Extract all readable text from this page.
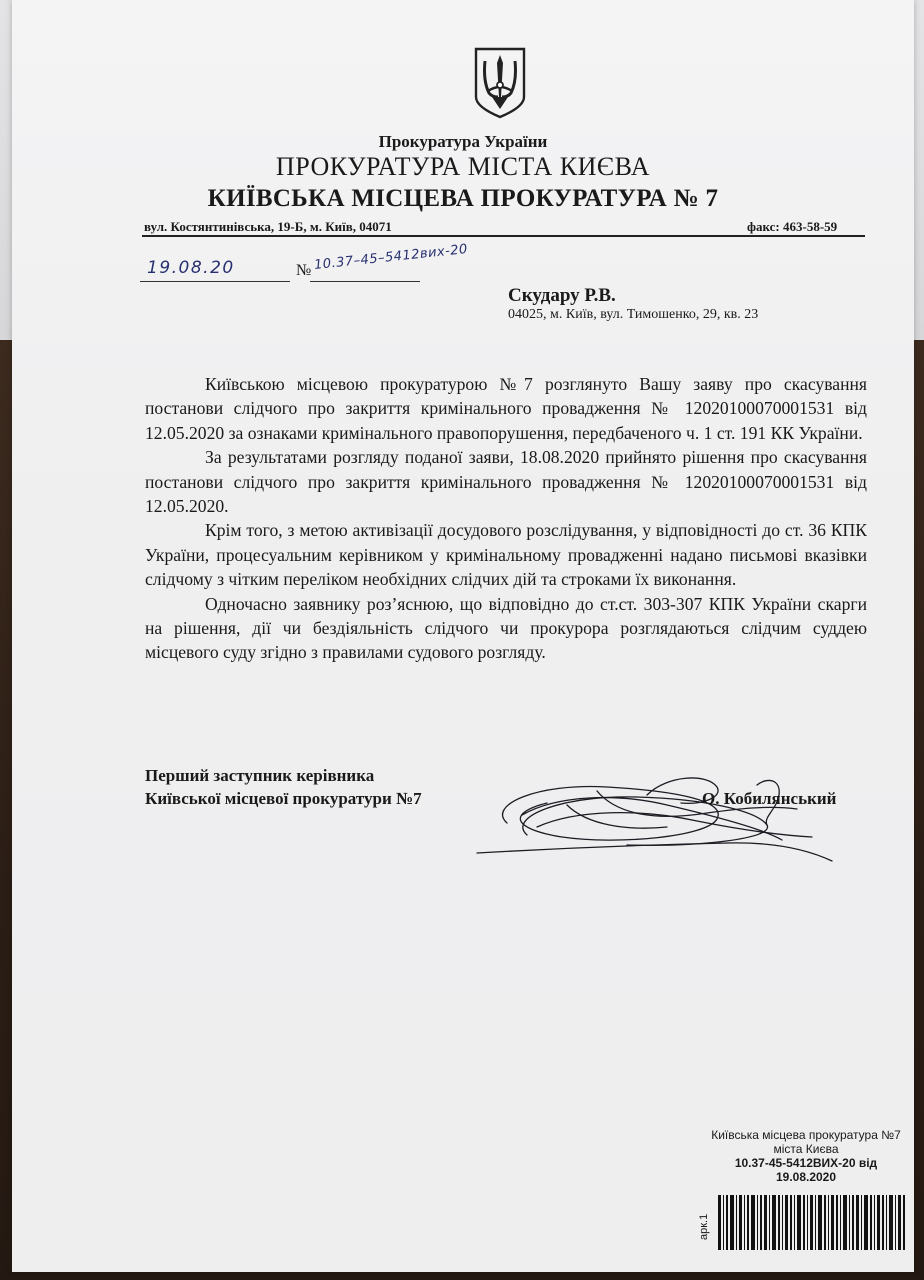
Прокуратура України
ПРОКУРАТУРА МІСТА КИЄВА
КИЇВСЬКА МІСЦЕВА ПРОКУРАТУРА № 7
вул. Костянтинівська, 19-Б, м. Київ, 04071	факс: 463-58-59
19.08.20	№ 10.37–45–5412вих-20
Скудару Р.В.
04025, м. Київ, вул. Тимошенко, 29, кв. 23

Київською місцевою прокуратурою №7 розглянуто Вашу заяву про скасування постанови слідчого про закриття кримінального провадження № 12020100070001531 від 12.05.2020 за ознаками кримінального правопорушення, передбаченого ч. 1 ст. 191 КК України.

За результатами розгляду поданої заяви, 18.08.2020 прийнято рішення про скасування постанови слідчого про закриття кримінального провадження № 12020100070001531 від 12.05.2020.

Крім того, з метою активізації досудового розслідування, у відповідності до ст. 36 КПК України, процесуальним керівником у кримінальному провадженні надано письмові вказівки слідчому з чітким переліком необхідних слідчих дій та строками їх виконання.

Одночасно заявнику роз’яснюю, що відповідно до ст.ст. 303-307 КПК України скарги на рішення, дії чи бездіяльність слідчого чи прокурора розглядаються слідчим суддею місцевого суду згідно з правилами судового розгляду.

Перший заступник керівника
Київської місцевої прокуратури №7	О. Кобилянський
Київська місцева прокуратура №7
міста Києва
10.37-45-5412ВИХ-20 від
19.08.2020
арк.1
